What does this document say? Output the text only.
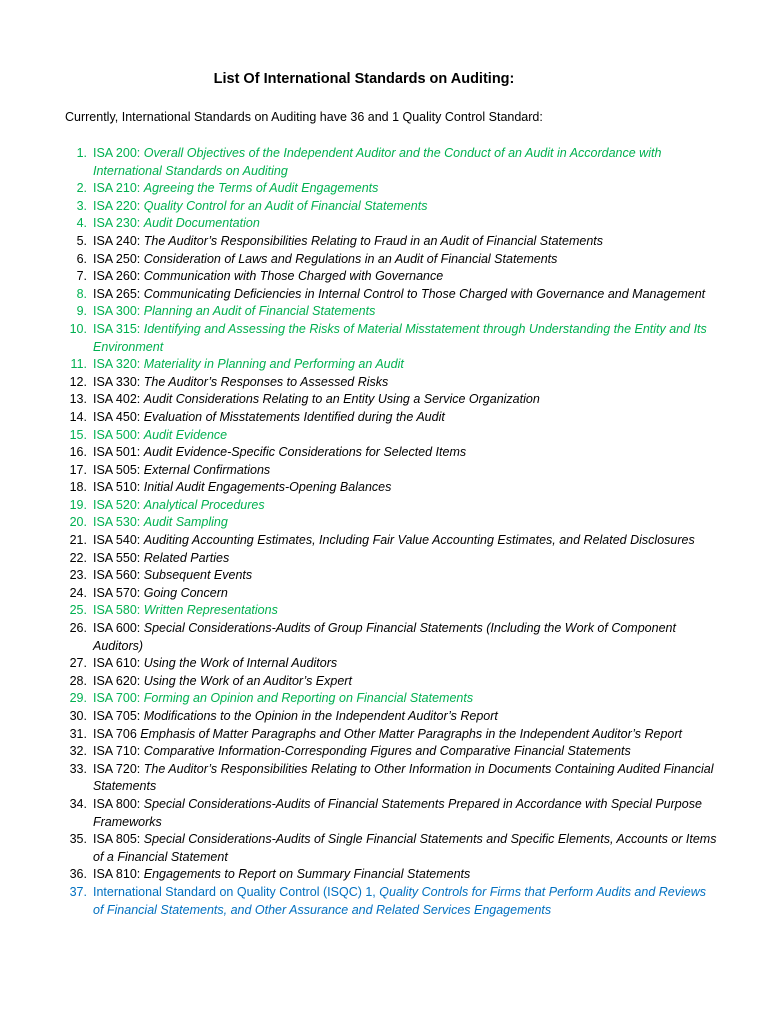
List Of International Standards on Auditing:
Currently, International Standards on Auditing have 36 and 1 Quality Control Standard:
1. ISA 200: Overall Objectives of the Independent Auditor and the Conduct of an Audit in Accordance with International Standards on Auditing
2. ISA 210: Agreeing the Terms of Audit Engagements
3. ISA 220: Quality Control for an Audit of Financial Statements
4. ISA 230: Audit Documentation
5. ISA 240: The Auditor’s Responsibilities Relating to Fraud in an Audit of Financial Statements
6. ISA 250: Consideration of Laws and Regulations in an Audit of Financial Statements
7. ISA 260: Communication with Those Charged with Governance
8. ISA 265: Communicating Deficiencies in Internal Control to Those Charged with Governance and Management
9. ISA 300: Planning an Audit of Financial Statements
10. ISA 315: Identifying and Assessing the Risks of Material Misstatement through Understanding the Entity and Its Environment
11. ISA 320: Materiality in Planning and Performing an Audit
12. ISA 330: The Auditor’s Responses to Assessed Risks
13. ISA 402: Audit Considerations Relating to an Entity Using a Service Organization
14. ISA 450: Evaluation of Misstatements Identified during the Audit
15. ISA 500: Audit Evidence
16. ISA 501: Audit Evidence-Specific Considerations for Selected Items
17. ISA 505: External Confirmations
18. ISA 510: Initial Audit Engagements-Opening Balances
19. ISA 520: Analytical Procedures
20. ISA 530: Audit Sampling
21. ISA 540: Auditing Accounting Estimates, Including Fair Value Accounting Estimates, and Related Disclosures
22. ISA 550: Related Parties
23. ISA 560: Subsequent Events
24. ISA 570: Going Concern
25. ISA 580: Written Representations
26. ISA 600: Special Considerations-Audits of Group Financial Statements (Including the Work of Component Auditors)
27. ISA 610: Using the Work of Internal Auditors
28. ISA 620: Using the Work of an Auditor’s Expert
29. ISA 700: Forming an Opinion and Reporting on Financial Statements
30. ISA 705: Modifications to the Opinion in the Independent Auditor’s Report
31. ISA 706 Emphasis of Matter Paragraphs and Other Matter Paragraphs in the Independent Auditor’s Report
32. ISA 710: Comparative Information-Corresponding Figures and Comparative Financial Statements
33. ISA 720: The Auditor’s Responsibilities Relating to Other Information in Documents Containing Audited Financial Statements
34. ISA 800: Special Considerations-Audits of Financial Statements Prepared in Accordance with Special Purpose Frameworks
35. ISA 805: Special Considerations-Audits of Single Financial Statements and Specific Elements, Accounts or Items of a Financial Statement
36. ISA 810: Engagements to Report on Summary Financial Statements
37. International Standard on Quality Control (ISQC) 1, Quality Controls for Firms that Perform Audits and Reviews of Financial Statements, and Other Assurance and Related Services Engagements
